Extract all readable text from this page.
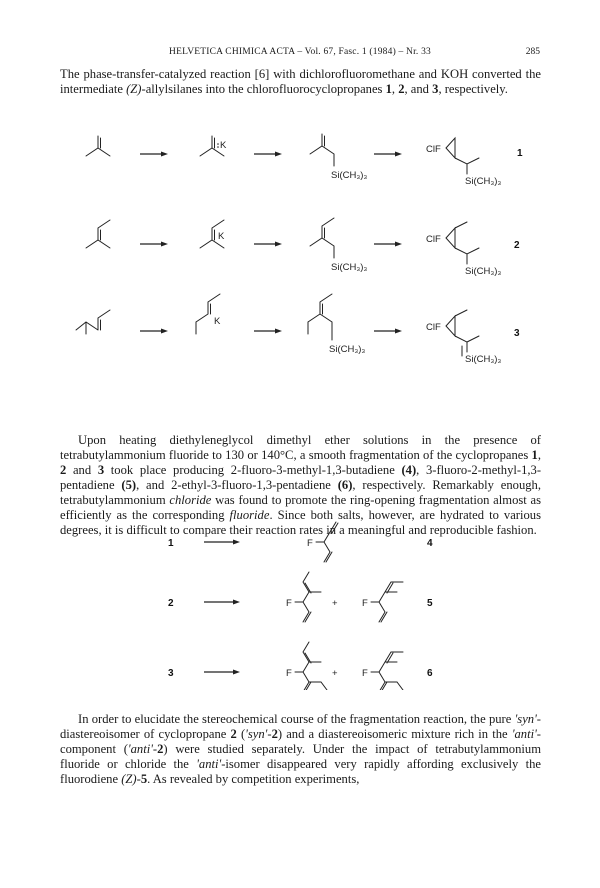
HELVETICA CHIMICA ACTA – Vol. 67, Fasc. 1 (1984) – Nr. 33	285

The phase-transfer-catalyzed reaction [6] with dichlorofluoromethane and KOH converted the intermediate (Z)-allylsilanes into the chlorofluorocyclopropanes 1, 2, and 3, respectively.

K
Si(CH₃)₃
ClF
Si(CH₃)₃
1
K
Si(CH₃)₃
ClF
Si(CH₃)₃
2
K
Si(CH₃)₃
ClF
Si(CH₃)₃
3

Upon heating diethyleneglycol dimethyl ether solutions in the presence of tetrabutylammonium fluoride to 130 or 140°C, a smooth fragmentation of the cyclopropanes 1, 2 and 3 took place producing 2-fluoro-3-methyl-1,3-butadiene (4), 3-fluoro-2-methyl-1,3-pentadiene (5), and 2-ethyl-3-fluoro-1,3-pentadiene (6), respectively. Remarkably enough, tetrabutylammonium chloride was found to promote the ring-opening fragmentation almost as efficiently as the corresponding fluoride. Since both salts, however, are hydrated to various degrees, it is difficult to compare their reaction rates in a meaningful and reproducible fashion.

1	F	4
2	F	+	F	5
3	F	+	F	6

In order to elucidate the stereochemical course of the fragmentation reaction, the pure 'syn'-diastereoisomer of cyclopropane 2 ('syn'-2) and a diastereoisomeric mixture rich in the 'anti'-component ('anti'-2) were studied separately. Under the impact of tetrabutylammonium fluoride or chloride the 'anti'-isomer disappeared very rapidly affording exclusively the fluorodiene (Z)-5. As revealed by competition experiments,
